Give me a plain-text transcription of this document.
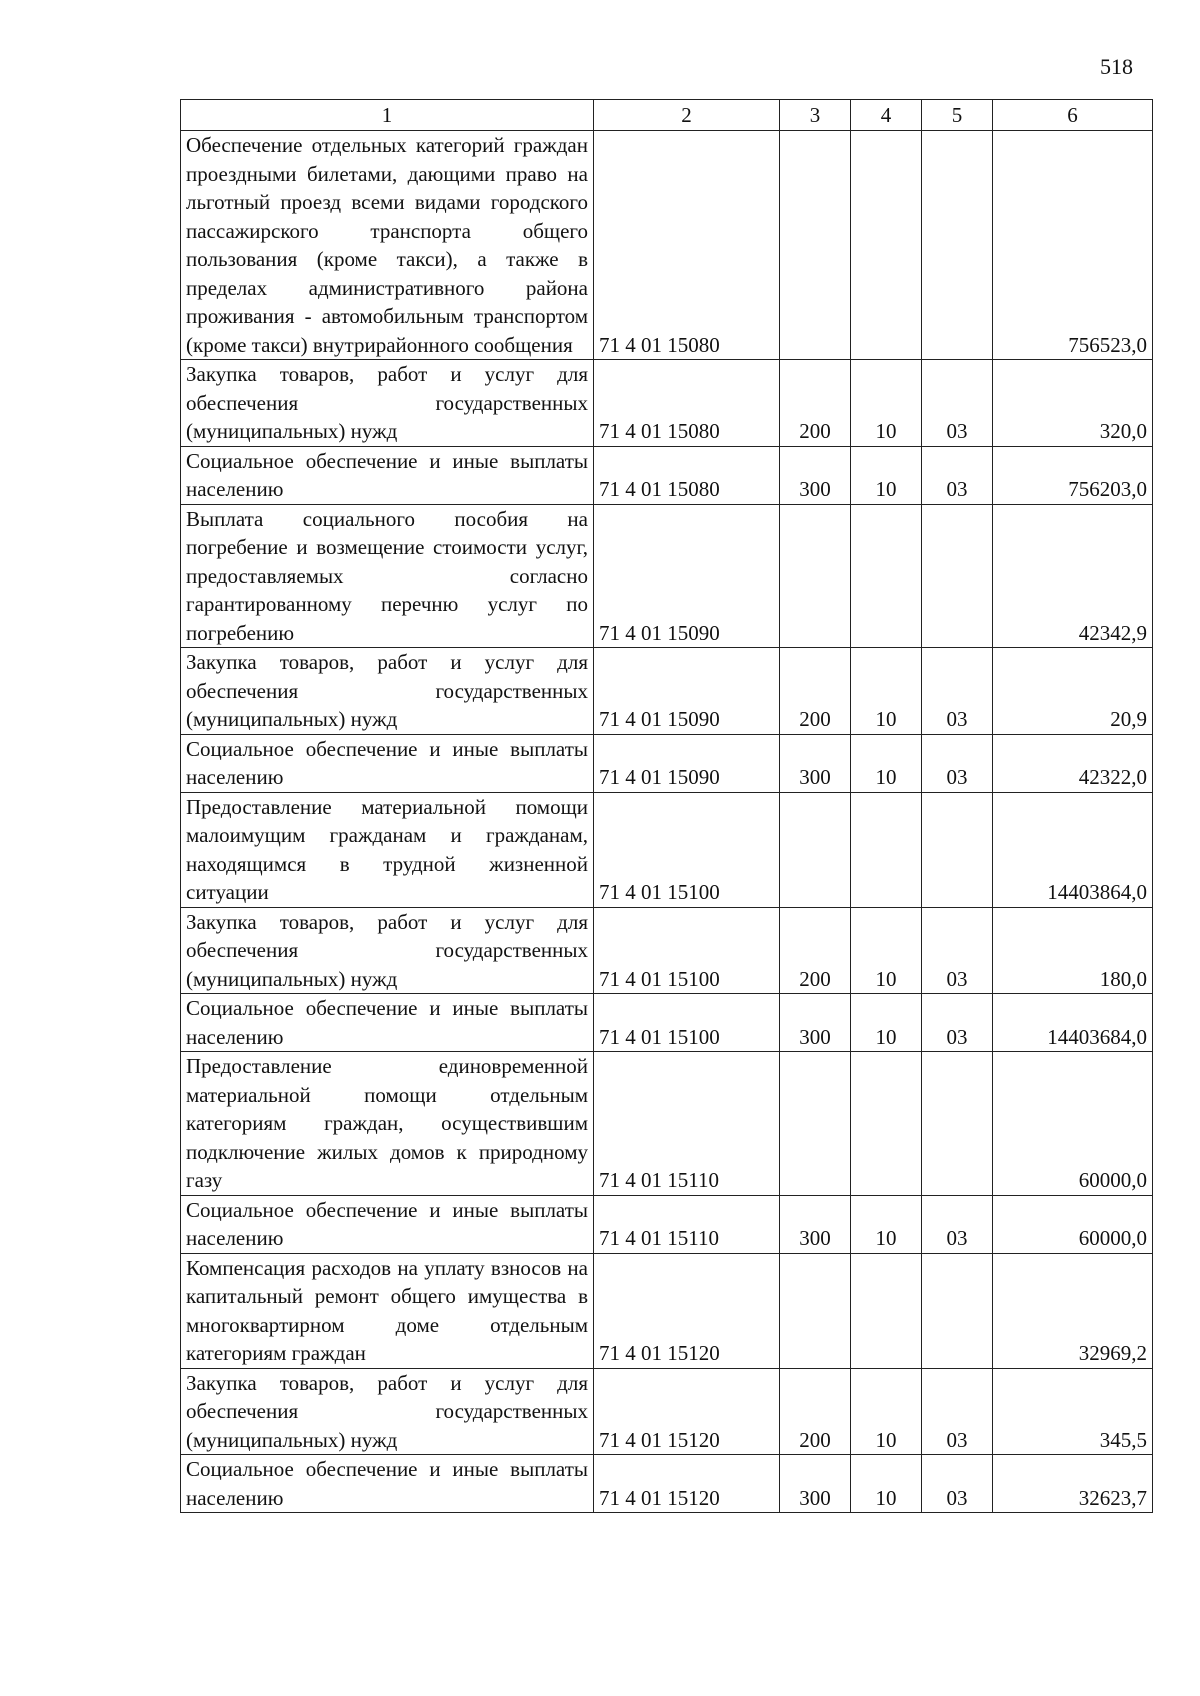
518
1	2	3	4	5	6
Обеспечение отдельных категорий граждан проездными билетами, дающими право на льготный проезд всеми видами городского пассажирского транспорта общего пользования (кроме такси), а также в пределах административного района проживания - автомобильным транспортом (кроме такси) внутрирайонного сообщения	71 4 01 15080				756523,0
Закупка товаров, работ и услуг для обеспечения государственных (муниципальных) нужд	71 4 01 15080	200	10	03	320,0
Социальное обеспечение и иные выплаты населению	71 4 01 15080	300	10	03	756203,0
Выплата социального пособия на погребение и возмещение стоимости услуг, предоставляемых согласно гарантированному перечню услуг по погребению	71 4 01 15090				42342,9
Закупка товаров, работ и услуг для обеспечения государственных (муниципальных) нужд	71 4 01 15090	200	10	03	20,9
Социальное обеспечение и иные выплаты населению	71 4 01 15090	300	10	03	42322,0
Предоставление материальной помощи малоимущим гражданам и гражданам, находящимся в трудной жизненной ситуации	71 4 01 15100				14403864,0
Закупка товаров, работ и услуг для обеспечения государственных (муниципальных) нужд	71 4 01 15100	200	10	03	180,0
Социальное обеспечение и иные выплаты населению	71 4 01 15100	300	10	03	14403684,0
Предоставление единовременной материальной помощи отдельным категориям граждан, осуществившим подключение жилых домов к природному газу	71 4 01 15110				60000,0
Социальное обеспечение и иные выплаты населению	71 4 01 15110	300	10	03	60000,0
Компенсация расходов на уплату взносов на капитальный ремонт общего имущества в многоквартирном доме отдельным категориям граждан	71 4 01 15120				32969,2
Закупка товаров, работ и услуг для обеспечения государственных (муниципальных) нужд	71 4 01 15120	200	10	03	345,5
Социальное обеспечение и иные выплаты населению	71 4 01 15120	300	10	03	32623,7
